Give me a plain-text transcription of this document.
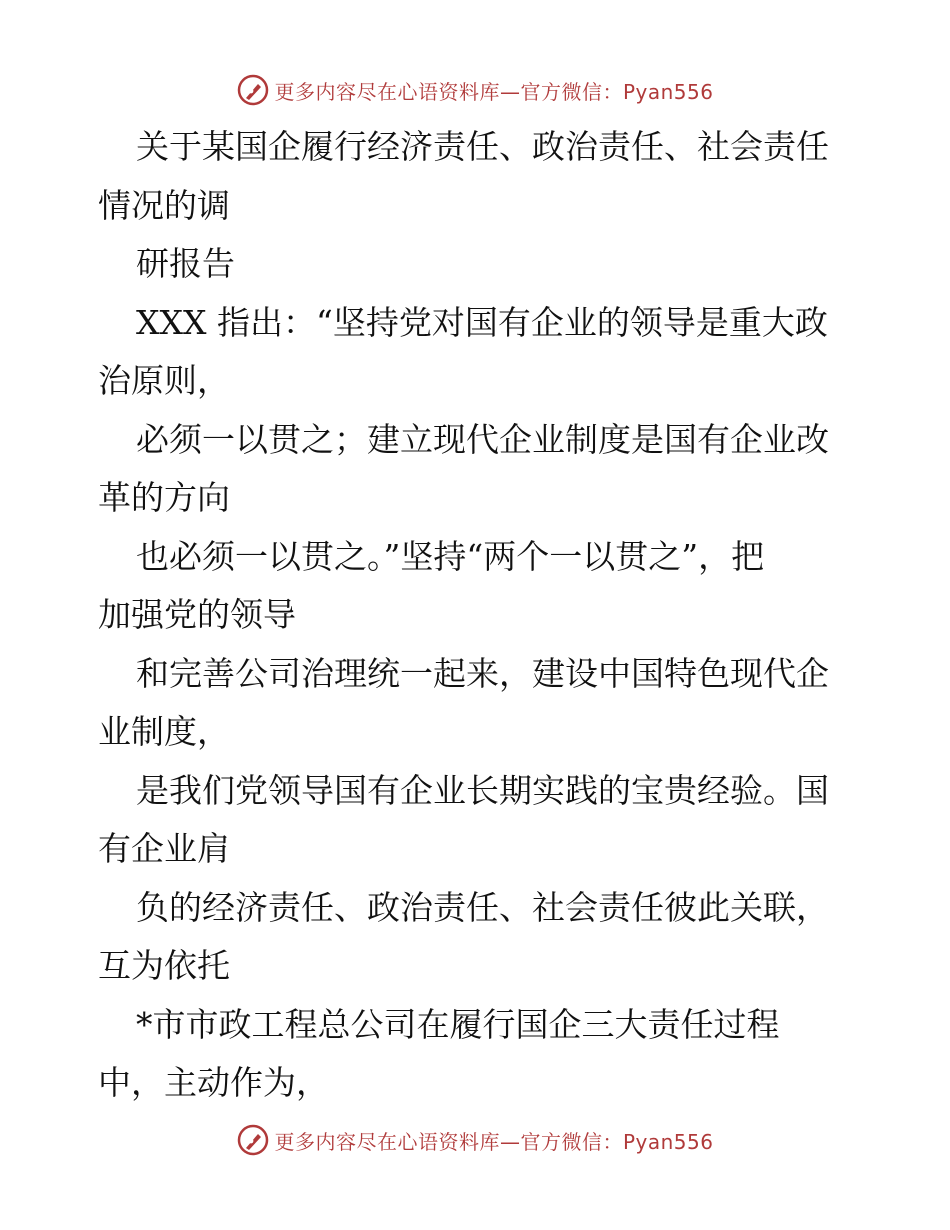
更多内容尽在心语资料库—官方微信：Pyan556
关于某国企履行经济责任、政治责任、社会责任
情况的调
研报告
XXX 指出：“坚持党对国有企业的领导是重大政
治原则，
必须一以贯之；建立现代企业制度是国有企业改
革的方向
也必须一以贯之。”坚持“两个一以贯之”，把
加强党的领导
和完善公司治理统一起来，建设中国特色现代企
业制度，
是我们党领导国有企业长期实践的宝贵经验。国
有企业肩
负的经济责任、政治责任、社会责任彼此关联，
互为依托
*市市政工程总公司在履行国企三大责任过程
中，主动作为，
更多内容尽在心语资料库—官方微信：Pyan556
